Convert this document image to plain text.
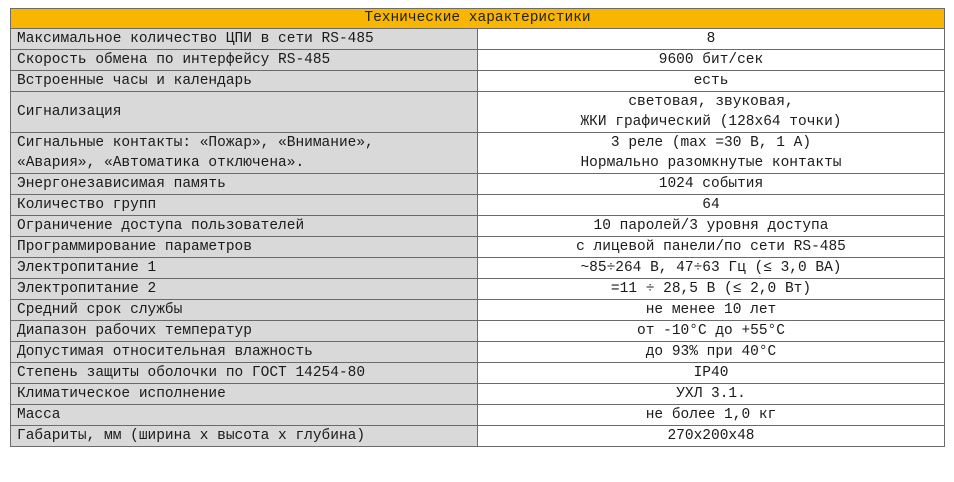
Технические характеристики	

Максимальное количество ЦПИ в сети RS-485	8

Скорость обмена по интерфейсу RS-485	9600 бит/сек

Встроенные часы и календарь	есть

Сигнализация	световая, звуковая,
ЖКИ графический (128x64 точки)

Сигнальные контакты: «Пожар», «Внимание»,
«Авария», «Автоматика отключена».	3 реле (max =30 В, 1 А)
Нормально разомкнутые контакты

Энергонезависимая память	1024 события

Количество групп	64

Ограничение доступа пользователей	10 паролей/3 уровня доступа

Программирование параметров	с лицевой панели/по сети RS-485

Электропитание 1	~85÷264 В, 47÷63 Гц (≤ 3,0 ВА)

Электропитание 2	=11 ÷ 28,5 В (≤ 2,0 Вт)

Средний срок службы	не менее 10 лет

Диапазон рабочих температур	от -10°С до +55°С

Допустимая относительная влажность	до 93% при 40°С

Степень защиты оболочки по ГОСТ 14254-80	IP40

Климатическое исполнение	УХЛ 3.1.

Масса	не более 1,0 кг

Габариты, мм (ширина х высота х глубина)	270x200x48
